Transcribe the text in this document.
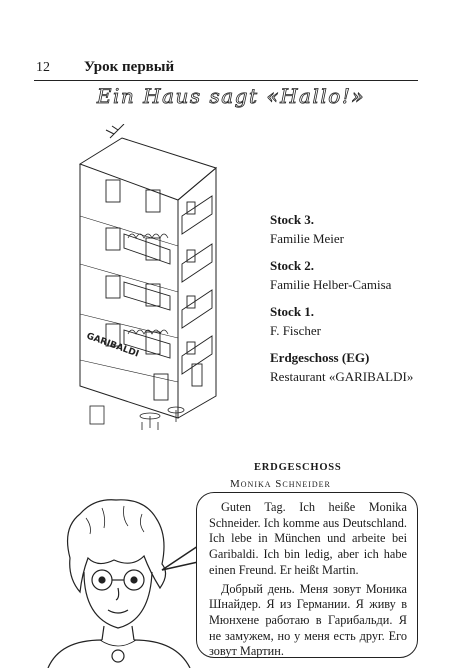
12 Урок первый
Ein Haus sagt «Hallo!»
GARIBALDI
Stock 3.
Familie Meier
Stock 2.
Familie Helber-Camisa
Stock 1.
F. Fischer
Erdgeschoss (EG)
Restaurant «GARIBALDI»
ERDGESCHOSS
Monika Schneider

Guten Tag. Ich heiße Monika Schneider. Ich komme aus Deutschland. Ich lebe in München und arbeite bei Garibaldi. Ich bin ledig, aber ich habe einen Freund. Er heißt Martin.

Добрый день. Меня зовут Моника Шнайдер. Я из Германии. Я живу в Мюнхене работаю в Гарибальди. Я не замужем, но у меня есть друг. Его зовут Мартин.
